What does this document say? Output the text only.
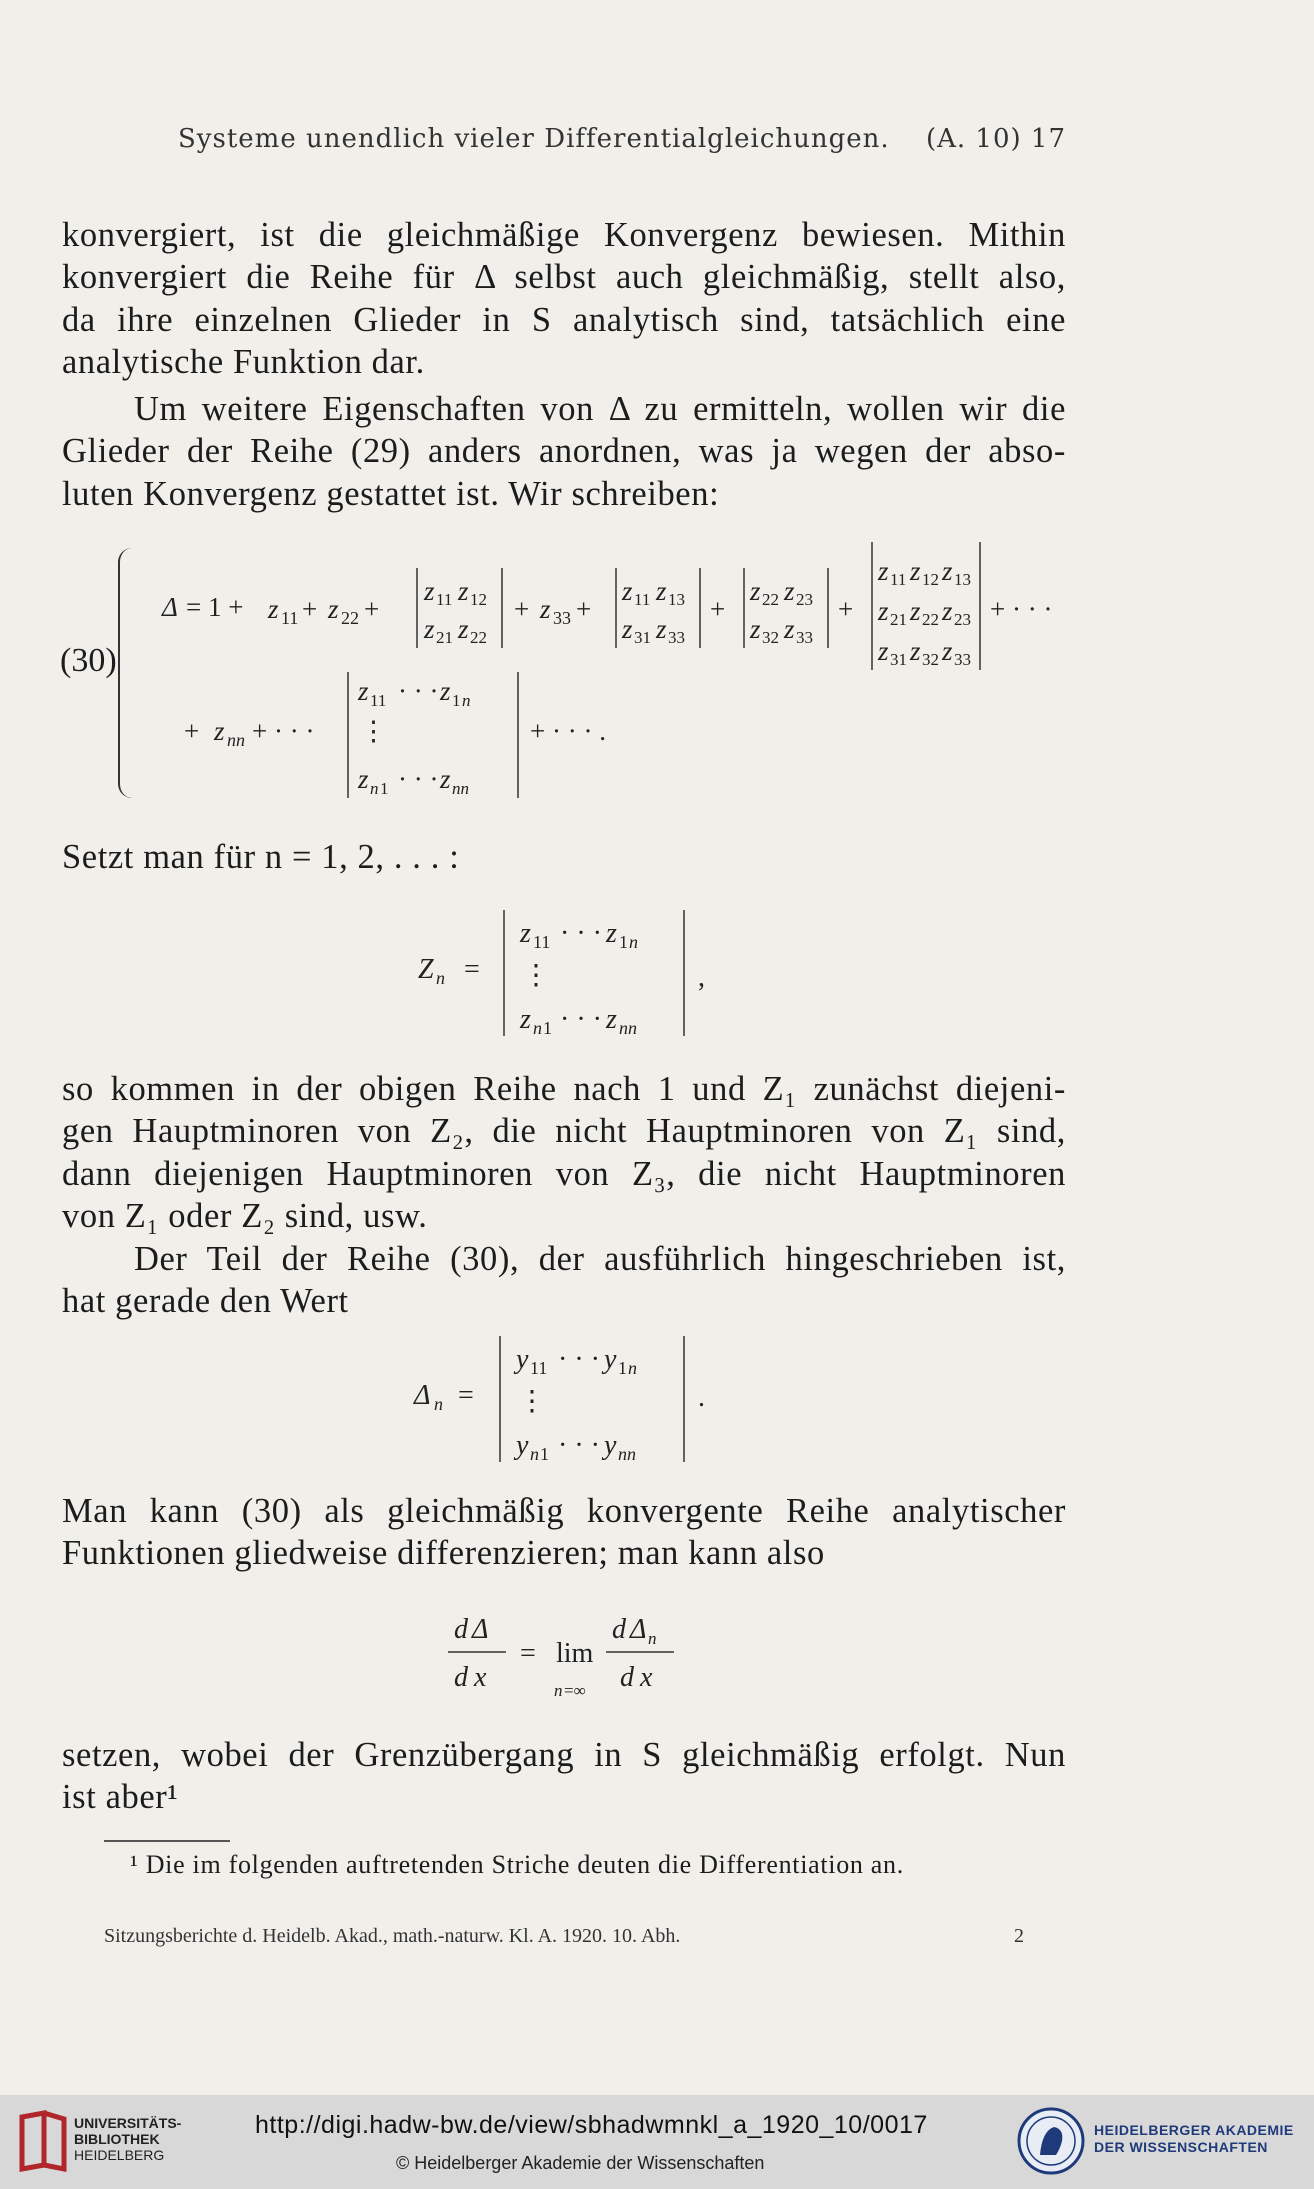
Systeme unendlich vieler Differentialgleichungen. (A. 10) 17
konvergiert, ist die gleichmäßige Konvergenz bewiesen. Mithin
konvergiert die Reihe für Δ selbst auch gleichmäßig, stellt also,
da ihre einzelnen Glieder in S analytisch sind, tatsächlich eine
analytische Funktion dar.
Um weitere Eigenschaften von Δ zu ermitteln, wollen wir die
Glieder der Reihe (29) anders anordnen, was ja wegen der abso-
luten Konvergenz gestattet ist. Wir schreiben:
(30)
Δ = 1 + z 11 + z 22 +
z 11 z 12
z 21 z 22
+ z 33 +
z 11 z 13
z 31 z 33
+
z 22 z 23
z 32 z 33
+
z 11 z 12 z 13
z 21 z 22 z 23
z 31 z 32 z 33
+ · · ·
+ z nn + · · ·
z 11 · · · z 1 n
⋮
z n 1 · · · z nn
+ · · · .
Setzt man für n = 1, 2, . . . :
Z n =
z 11 · · · z 1 n
⋮
z n 1 · · · z nn
,
so kommen in der obigen Reihe nach 1 und Z₁ zunächst diejeni-
gen Hauptminoren von Z₂, die nicht Hauptminoren von Z₁ sind,
dann diejenigen Hauptminoren von Z₃, die nicht Hauptminoren
von Z₁ oder Z₂ sind, usw.
Der Teil der Reihe (30), der ausführlich hingeschrieben ist,
hat gerade den Wert
Δ n =
y 11 · · · y 1 n
⋮
y n 1 · · · y nn
.
Man kann (30) als gleichmäßig konvergente Reihe analytischer
Funktionen gliedweise differenzieren; man kann also
d Δ
d x
= lim
n =∞
d Δ n
d x
setzen, wobei der Grenzübergang in S gleichmäßig erfolgt. Nun
ist aber¹
¹ Die im folgenden auftretenden Striche deuten die Differentiation an.
Sitzungsberichte d. Heidelb. Akad., math.-naturw. Kl. A. 1920. 10. Abh.	2
UNIVERSITÄTS-
BIBLIOTHEK
HEIDELBERG
http://digi.hadw-bw.de/view/sbhadwmnkl_a_1920_10/0017
© Heidelberger Akademie der Wissenschaften
HEIDELBERGER AKADEMIE
DER WISSENSCHAFTEN
